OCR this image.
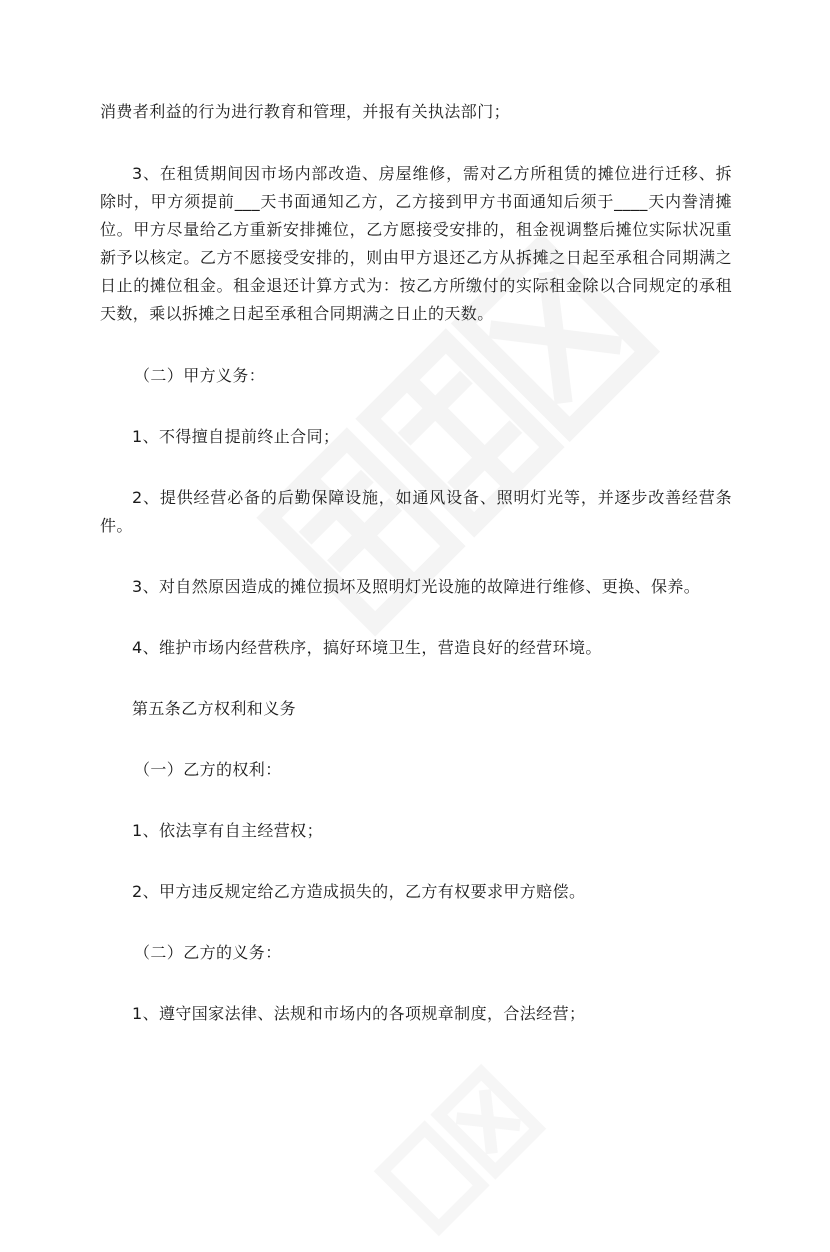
消费者利益的行为进行教育和管理，并报有关执法部门；

3、在租赁期间因市场内部改造、房屋维修，需对乙方所租赁的摊位进行迁移、拆除时，甲方须提前___天书面通知乙方，乙方接到甲方书面通知后须于____天内誊清摊位。甲方尽量给乙方重新安排摊位，乙方愿接受安排的，租金视调整后摊位实际状况重新予以核定。乙方不愿接受安排的，则由甲方退还乙方从拆摊之日起至承租合同期满之日止的摊位租金。租金退还计算方式为：按乙方所缴付的实际租金除以合同规定的承租天数，乘以拆摊之日起至承租合同期满之日止的天数。

（二）甲方义务：

1、不得擅自提前终止合同；

2、提供经营必备的后勤保障设施，如通风设备、照明灯光等，并逐步改善经营条件。

3、对自然原因造成的摊位损坏及照明灯光设施的故障进行维修、更换、保养。

4、维护市场内经营秩序，搞好环境卫生，营造良好的经营环境。

第五条乙方权利和义务

（一）乙方的权利：

1、依法享有自主经营权；

2、甲方违反规定给乙方造成损失的，乙方有权要求甲方赔偿。

（二）乙方的义务：

1、遵守国家法律、法规和市场内的各项规章制度，合法经营；
